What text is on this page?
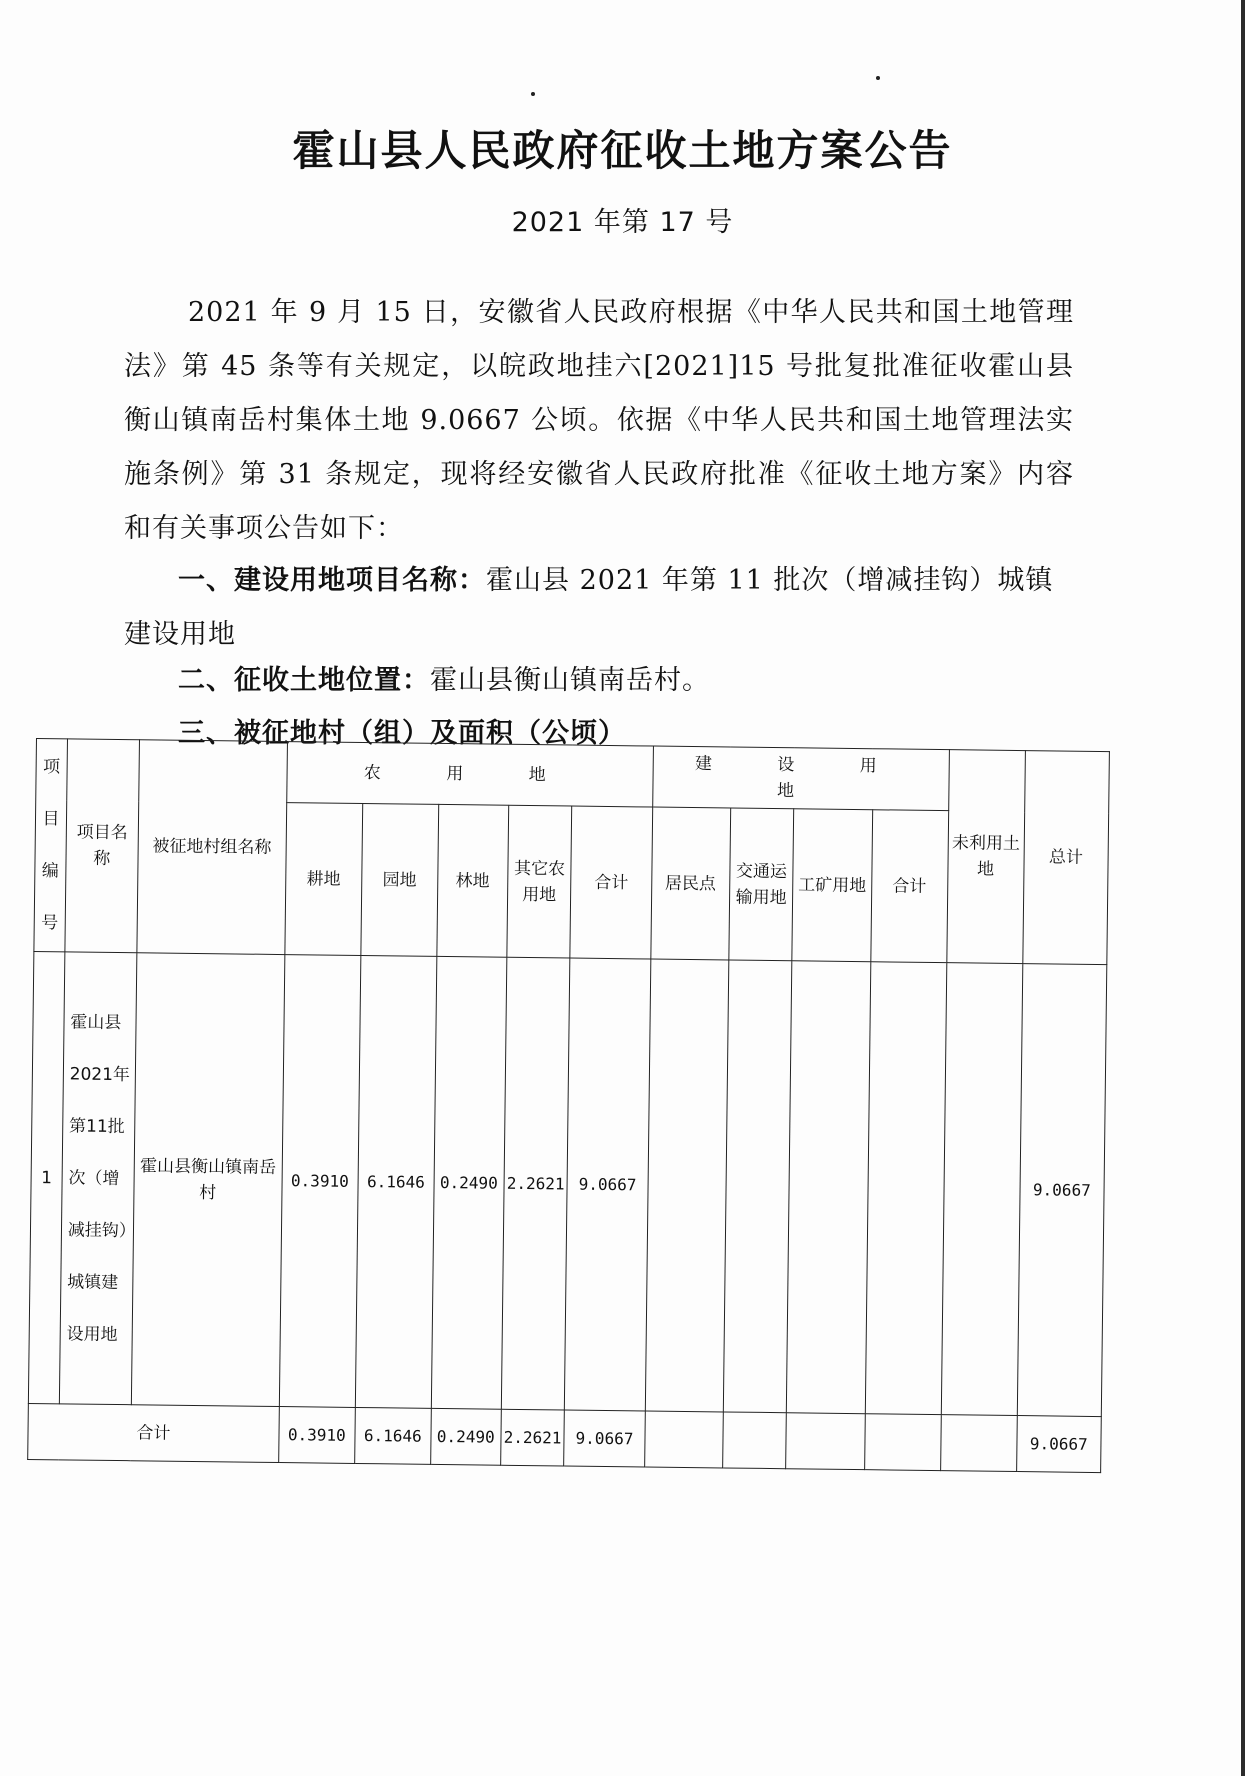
霍山县人民政府征收土地方案公告
2021 年第 17 号
2021 年 9 月 15 日，安徽省人民政府根据《中华人民共和国土地管理法》第 45 条等有关规定，以皖政地挂六[2021]15 号批复批准征收霍山县衡山镇南岳村集体土地 9.0667 公顷。依据《中华人民共和国土地管理法实施条例》第 31 条规定，现将经安徽省人民政府批准《征收土地方案》内容和有关事项公告如下：
一、建设用地项目名称：霍山县 2021 年第 11 批次（增减挂钩）城镇建设用地
二、征收土地位置：霍山县衡山镇南岳村。
三、被征地村（组）及面积（公顷）
项目编号	项目名称	被征地村组名称	农 用 地					建 设 用 地				未利用土地	总计
			耕地	园地	林地	其它农用地	合计	居民点	交通运输用地	工矿用地	合计		
1	霍山县2021年第11批次（增减挂钩）城镇建设用地	霍山县衡山镇南岳村	0.3910	6.1646	0.2490	2.2621	9.0667						9.0667
合计			0.3910	6.1646	0.2490	2.2621	9.0667						9.0667
